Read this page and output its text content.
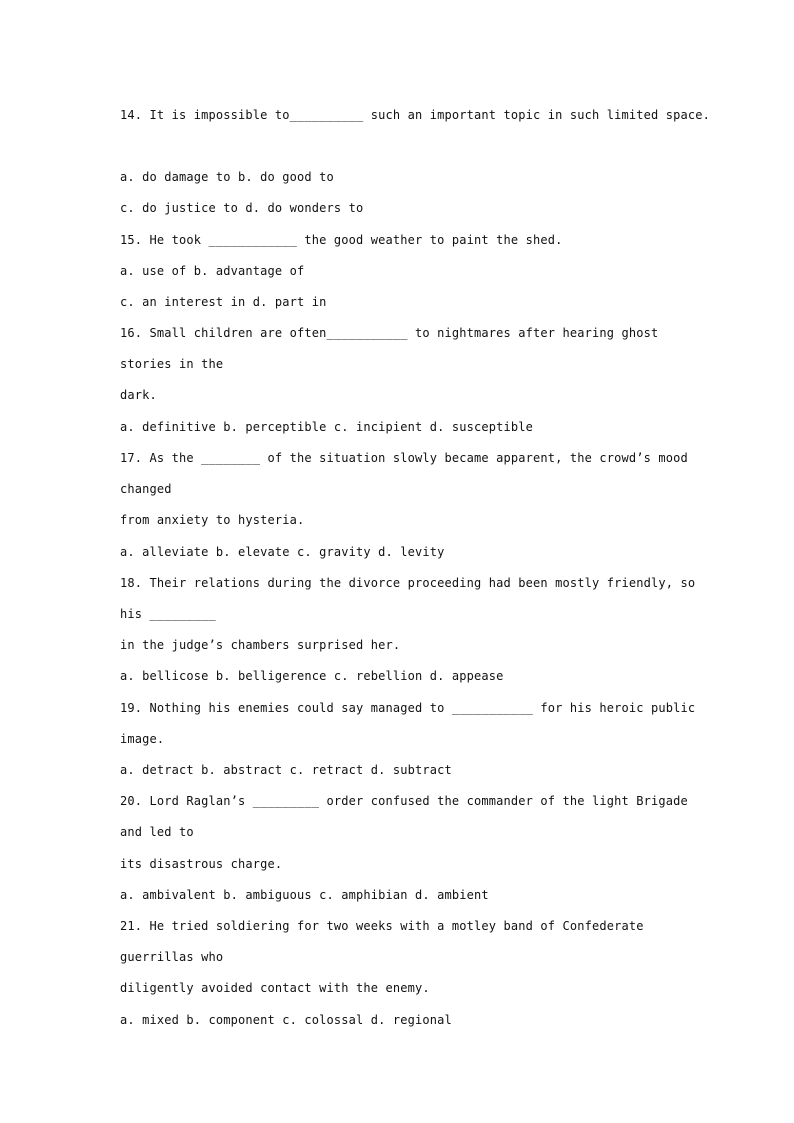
14. It is impossible to__________ such an important topic in such limited space.
a. do damage to b. do good to
c. do justice to d. do wonders to
15. He took ____________ the good weather to paint the shed.
a. use of b. advantage of
c. an interest in d. part in
16. Small children are often___________ to nightmares after hearing ghost
stories in the
dark.
a. definitive b. perceptible c. incipient d. susceptible
17. As the ________ of the situation slowly became apparent, the crowd’s mood
changed
from anxiety to hysteria.
a. alleviate b. elevate c. gravity d. levity
18. Their relations during the divorce proceeding had been mostly friendly, so
his _________
in the judge’s chambers surprised her.
a. bellicose b. belligerence c. rebellion d. appease
19. Nothing his enemies could say managed to ___________ for his heroic public
image.
a. detract b. abstract c. retract d. subtract
20. Lord Raglan’s _________ order confused the commander of the light Brigade
and led to
its disastrous charge.
a. ambivalent b. ambiguous c. amphibian d. ambient
21. He tried soldiering for two weeks with a motley band of Confederate
guerrillas who
diligently avoided contact with the enemy.
a. mixed b. component c. colossal d. regional
